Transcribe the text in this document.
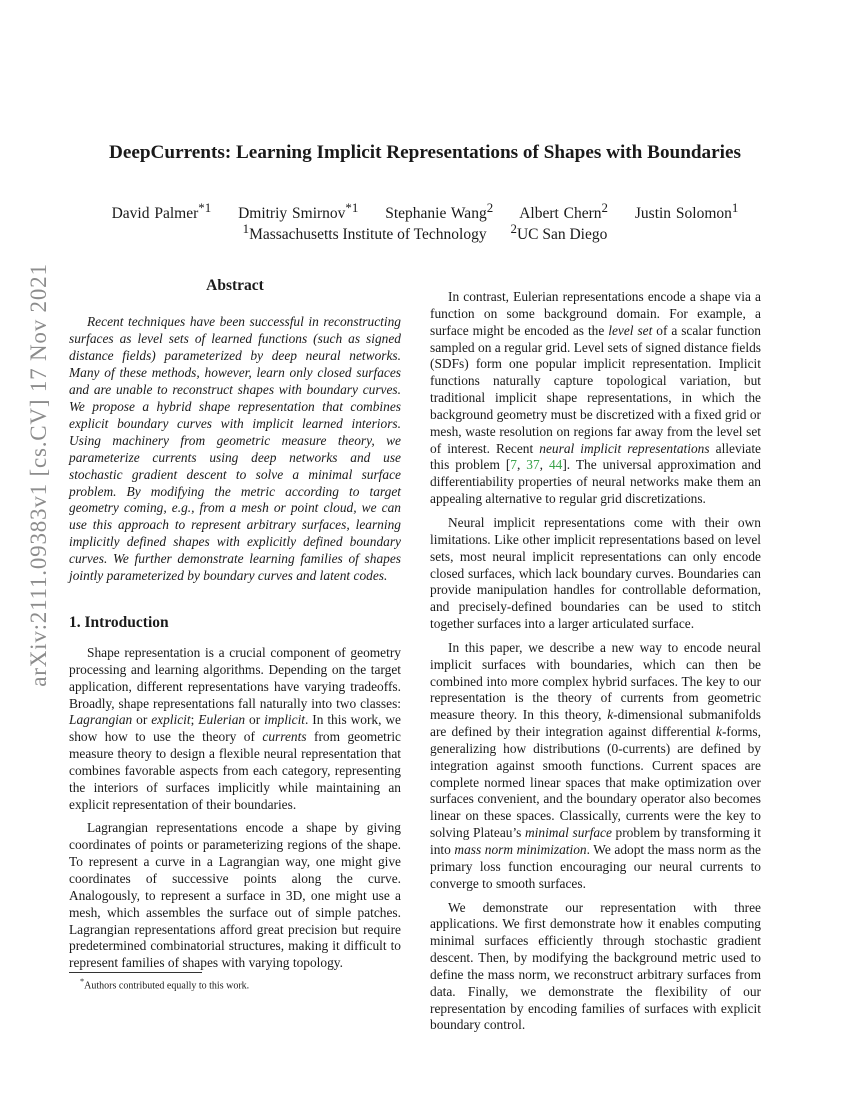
arXiv:2111.09383v1 [cs.CV] 17 Nov 2021
DeepCurrents: Learning Implicit Representations of Shapes with Boundaries
David Palmer$^{*1}$ Dmitriy Smirnov$^{*1}$ Stephanie Wang$^2$ Albert Chern$^2$ Justin Solomon$^1$
$^1$Massachusetts Institute of Technology $^2$UC San Diego
Abstract

Recent techniques have been successful in reconstructing surfaces as level sets of learned functions (such as signed distance fields) parameterized by deep neural networks. Many of these methods, however, learn only closed surfaces and are unable to reconstruct shapes with boundary curves. We propose a hybrid shape representation that combines explicit boundary curves with implicit learned interiors. Using machinery from geometric measure theory, we parameterize currents using deep networks and use stochastic gradient descent to solve a minimal surface problem. By modifying the metric according to target geometry coming, e.g., from a mesh or point cloud, we can use this approach to represent arbitrary surfaces, learning implicitly defined shapes with explicitly defined boundary curves. We further demonstrate learning families of shapes jointly parameterized by boundary curves and latent codes.

1. Introduction

Shape representation is a crucial component of geometry processing and learning algorithms. Depending on the target application, different representations have varying tradeoffs. Broadly, shape representations fall naturally into two classes: Lagrangian or explicit; Eulerian or implicit. In this work, we show how to use the theory of currents from geometric measure theory to design a flexible neural representation that combines favorable aspects from each category, representing the interiors of surfaces implicitly while maintaining an explicit representation of their boundaries.

Lagrangian representations encode a shape by giving coordinates of points or parameterizing regions of the shape. To represent a curve in a Lagrangian way, one might give coordinates of successive points along the curve. Analogously, to represent a surface in 3D, one might use a mesh, which assembles the surface out of simple patches. Lagrangian representations afford great precision but require predetermined combinatorial structures, making it difficult to represent families of shapes with varying topology.

In contrast, Eulerian representations encode a shape via a function on some background domain. For example, a surface might be encoded as the level set of a scalar function sampled on a regular grid. Level sets of signed distance fields (SDFs) form one popular implicit representation. Implicit functions naturally capture topological variation, but traditional implicit shape representations, in which the background geometry must be discretized with a fixed grid or mesh, waste resolution on regions far away from the level set of interest. Recent neural implicit representations alleviate this problem [7, 37, 44]. The universal approximation and differentiability properties of neural networks make them an appealing alternative to regular grid discretizations.

Neural implicit representations come with their own limitations. Like other implicit representations based on level sets, most neural implicit representations can only encode closed surfaces, which lack boundary curves. Boundaries can provide manipulation handles for controllable deformation, and precisely-defined boundaries can be used to stitch together surfaces into a larger articulated surface.

In this paper, we describe a new way to encode neural implicit surfaces with boundaries, which can then be combined into more complex hybrid surfaces. The key to our representation is the theory of currents from geometric measure theory. In this theory, k-dimensional submanifolds are defined by their integration against differential k-forms, generalizing how distributions (0-currents) are defined by integration against smooth functions. Current spaces are complete normed linear spaces that make optimization over surfaces convenient, and the boundary operator also becomes linear on these spaces. Classically, currents were the key to solving Plateau’s minimal surface problem by transforming it into mass norm minimization. We adopt the mass norm as the primary loss function encouraging our neural currents to converge to smooth surfaces.

We demonstrate our representation with three applications. We first demonstrate how it enables computing minimal surfaces efficiently through stochastic gradient descent. Then, by modifying the background metric used to define the mass norm, we reconstruct arbitrary surfaces from data. Finally, we demonstrate the flexibility of our representation by encoding families of surfaces with explicit boundary control.

*Authors contributed equally to this work.
